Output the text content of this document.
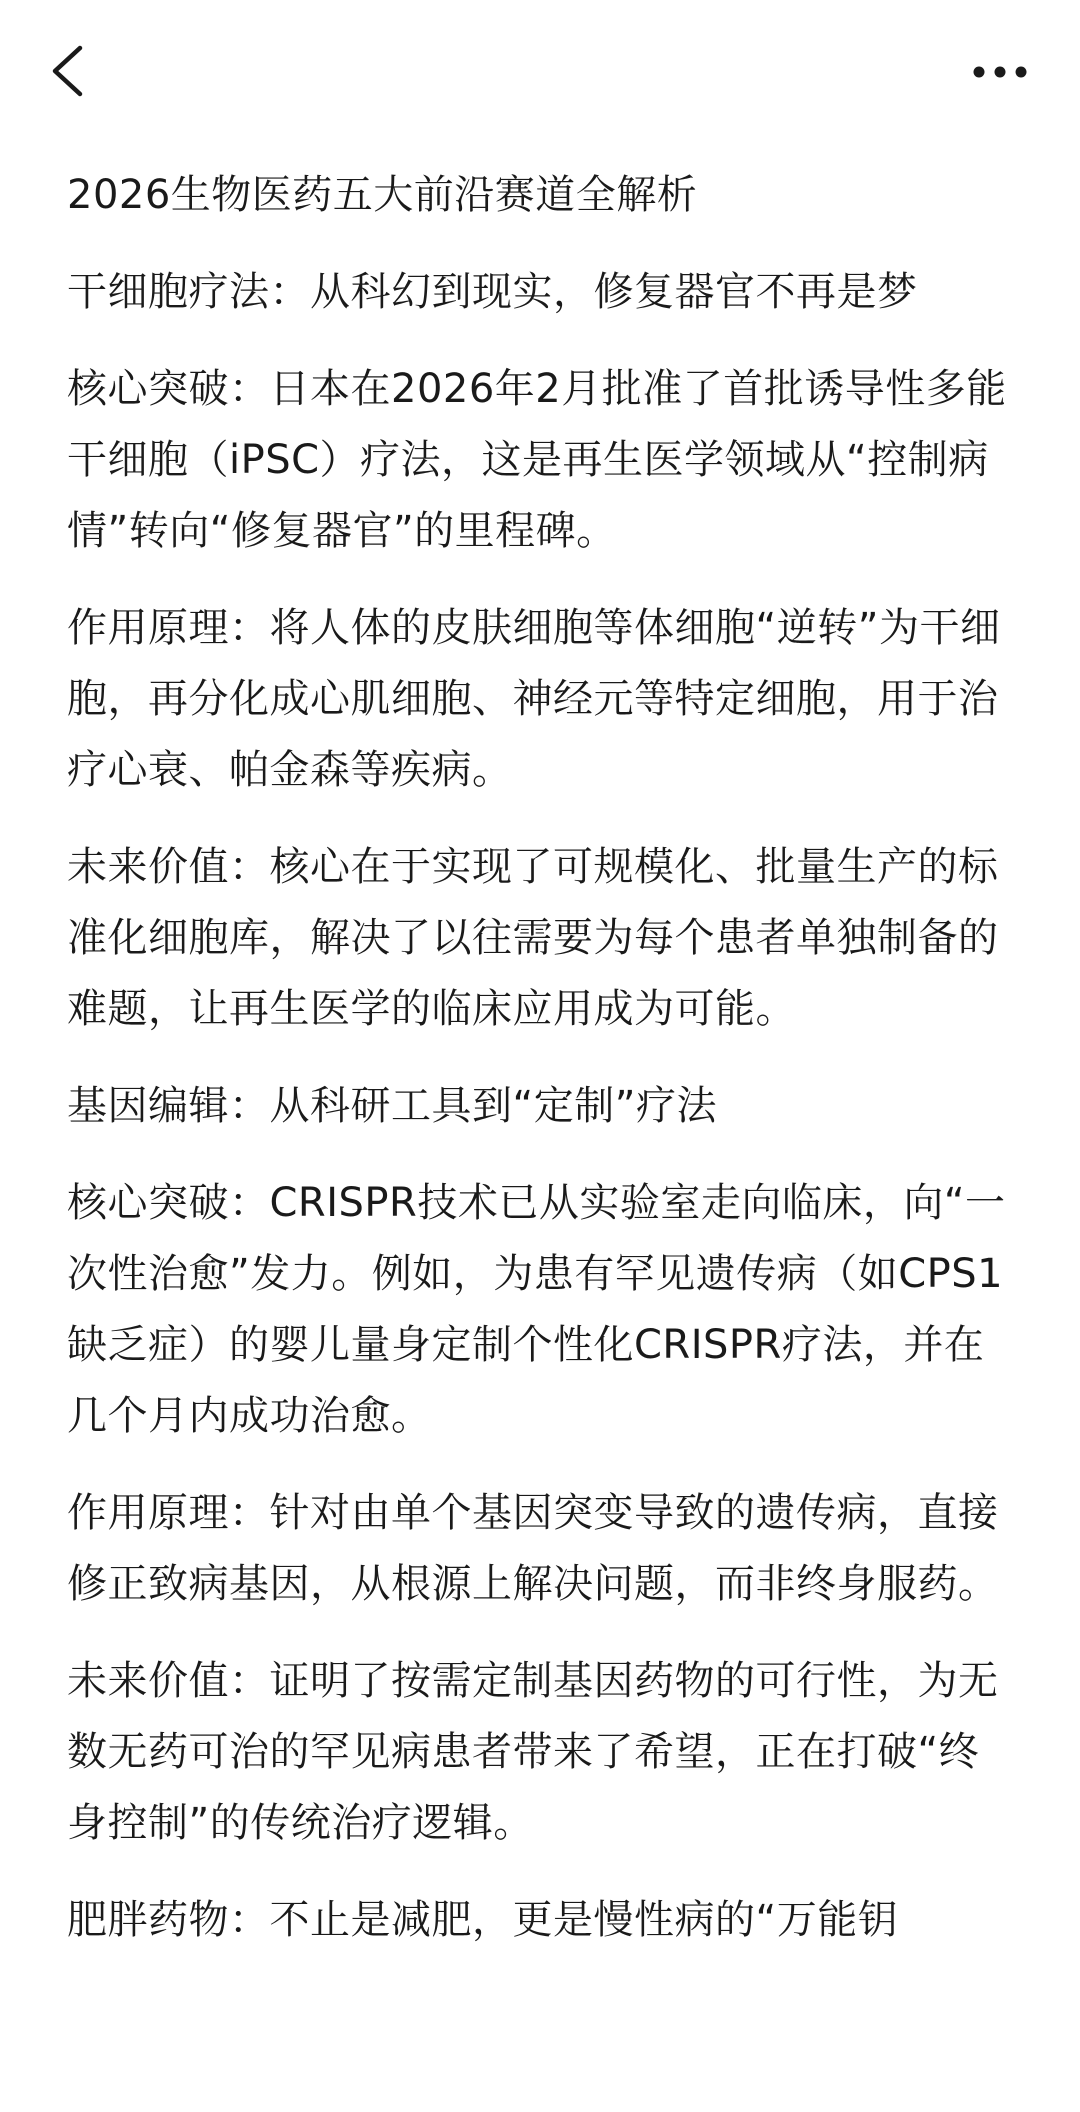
2026生物医药五大前沿赛道全解析

干细胞疗法：从科幻到现实，修复器官不再是梦

核心突破：日本在2026年2月批准了首批诱导性多能干细胞（iPSC）疗法，这是再生医学领域从“控制病情”转向“修复器官”的里程碑。

作用原理：将人体的皮肤细胞等体细胞“逆转”为干细胞，再分化成心肌细胞、神经元等特定细胞，用于治疗心衰、帕金森等疾病。

未来价值：核心在于实现了可规模化、批量生产的标准化细胞库，解决了以往需要为每个患者单独制备的难题，让再生医学的临床应用成为可能。

基因编辑：从科研工具到“定制”疗法

核心突破：CRISPR技术已从实验室走向临床，向“一次性治愈”发力。例如，为患有罕见遗传病（如CPS1缺乏症）的婴儿量身定制个性化CRISPR疗法，并在几个月内成功治愈。

作用原理：针对由单个基因突变导致的遗传病，直接修正致病基因，从根源上解决问题，而非终身服药。

未来价值：证明了按需定制基因药物的可行性，为无数无药可治的罕见病患者带来了希望，正在打破“终身控制”的传统治疗逻辑。

肥胖药物：不止是减肥，更是慢性病的“万能钥
